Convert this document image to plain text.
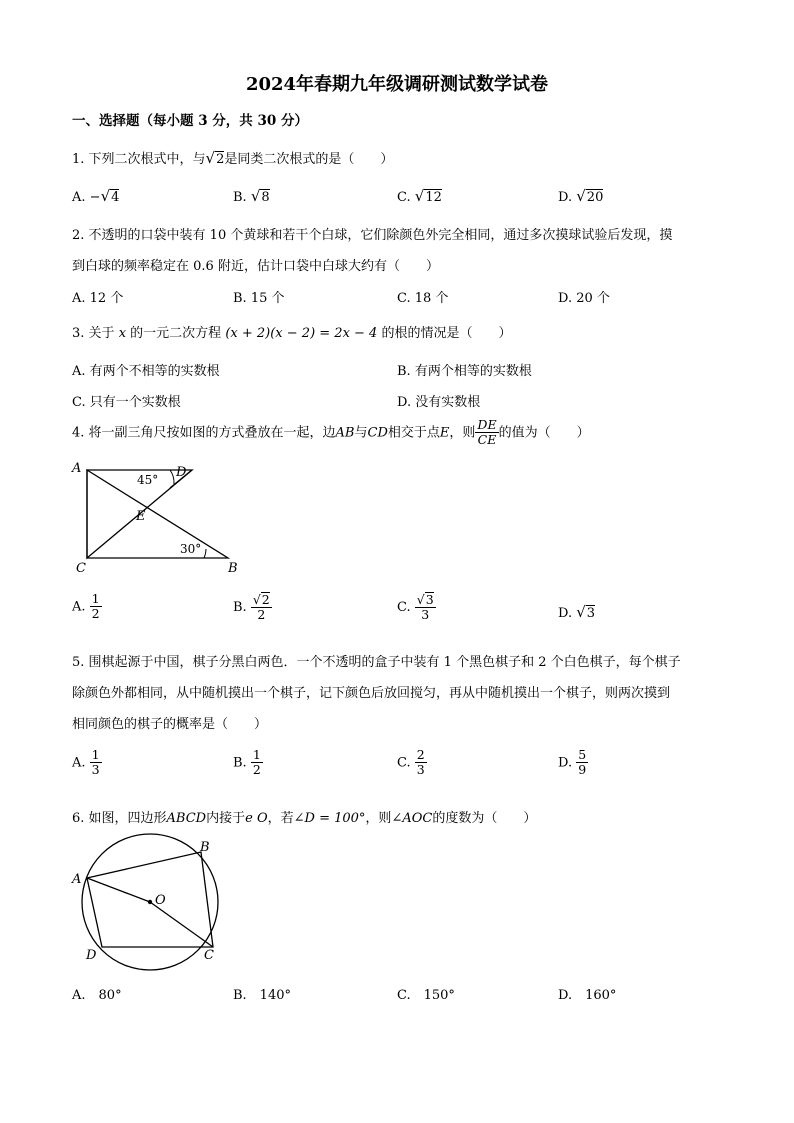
2024年春期九年级调研测试数学试卷
一、选择题（每小题 3 分，共 30 分）
1. 下列二次根式中，与√2是同类二次根式的是（　　）
A. −√4	B. √8	C. √12	D. √20
2. 不透明的口袋中装有 10 个黄球和若干个白球，它们除颜色外完全相同，通过多次摸球试验后发现，摸
到白球的频率稳定在 0.6 附近，估计口袋中白球大约有（　　）
A. 12 个	B. 15 个	C. 18 个	D. 20 个
3. 关于 x 的一元二次方程 (x + 2)(x − 2) = 2x − 4 的根的情况是（　　）
A. 有两个不相等的实数根	B. 有两个相等的实数根
C. 只有一个实数根	D. 没有实数根
4. 将一副三角尺按如图的方式叠放在一起，边AB与CD相交于点E，则 $\frac{DE}{CE}$ 的值为（　　）
A	D
C	B
E
45°
30°
A. $\frac{1}{2}$	B. $\frac{√2}{2}$	C. $\frac{√3}{3}$	D. √3
5. 围棋起源于中国，棋子分黑白两色．一个不透明的盒子中装有 1 个黑色棋子和 2 个白色棋子，每个棋子
除颜色外都相同，从中随机摸出一个棋子，记下颜色后放回搅匀，再从中随机摸出一个棋子，则两次摸到
相同颜色的棋子的概率是（　　）
A. $\frac{1}{3}$	B. $\frac{1}{2}$	C. $\frac{2}{3}$	D. $\frac{5}{9}$
6. 如图，四边形ABCD内接于e O，若∠D = 100°，则∠AOC的度数为（　　）
A
B
C
D
O
A.　80°	B.　140°	C.　150°	D.　160°
